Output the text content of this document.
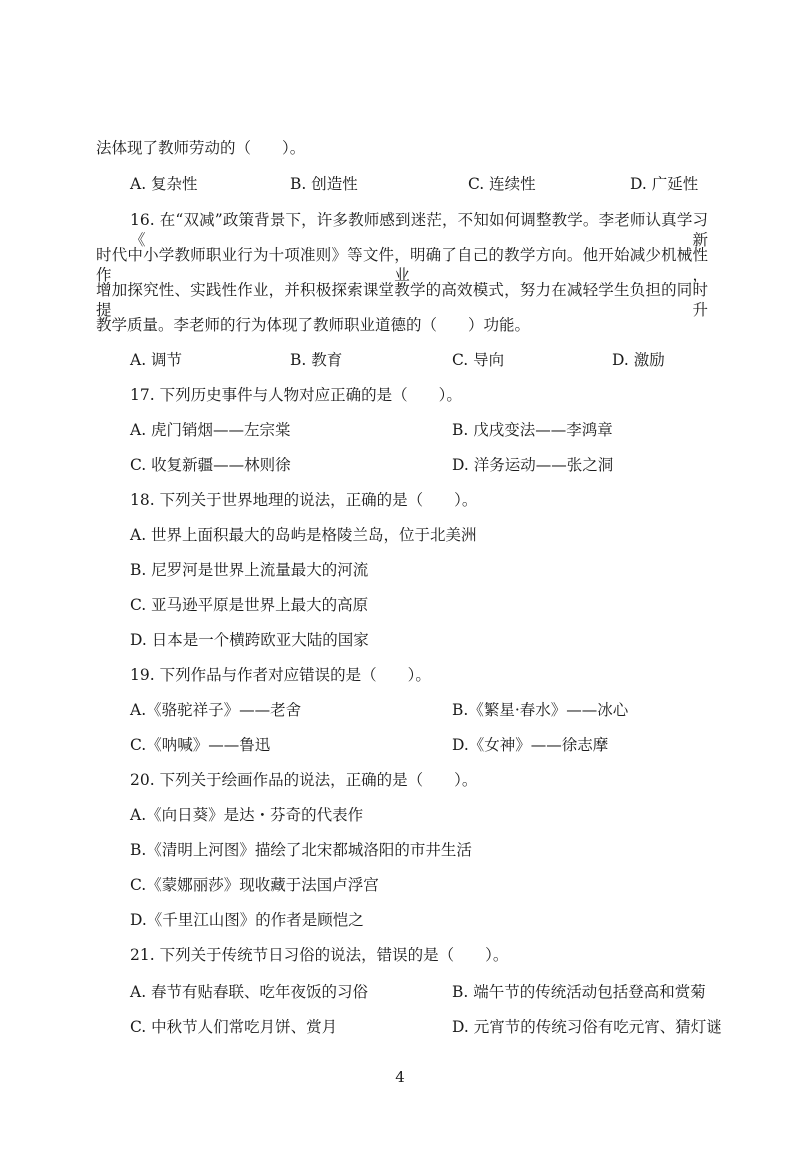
法体现了教师劳动的（　　）。
A. 复杂性	B. 创造性	C. 连续性	D. 广延性
16. 在“双减”政策背景下，许多教师感到迷茫，不知如何调整教学。李老师认真学习《新
时代中小学教师职业行为十项准则》等文件，明确了自己的教学方向。他开始减少机械性作业，
增加探究性、实践性作业，并积极探索课堂教学的高效模式，努力在减轻学生负担的同时提升
教学质量。李老师的行为体现了教师职业道德的（　　）功能。
A. 调节	B. 教育	C. 导向	D. 激励
17. 下列历史事件与人物对应正确的是（　　）。
A. 虎门销烟——左宗棠	B. 戊戌变法——李鸿章
C. 收复新疆——林则徐	D. 洋务运动——张之洞
18. 下列关于世界地理的说法，正确的是（　　）。
A. 世界上面积最大的岛屿是格陵兰岛，位于北美洲
B. 尼罗河是世界上流量最大的河流
C. 亚马逊平原是世界上最大的高原
D. 日本是一个横跨欧亚大陆的国家
19. 下列作品与作者对应错误的是（　　）。
A.《骆驼祥子》——老舍	B.《繁星·春水》——冰心
C.《呐喊》——鲁迅	D.《女神》——徐志摩
20. 下列关于绘画作品的说法，正确的是（　　）。
A.《向日葵》是达・芬奇的代表作
B.《清明上河图》描绘了北宋都城洛阳的市井生活
C.《蒙娜丽莎》现收藏于法国卢浮宫
D.《千里江山图》的作者是顾恺之
21. 下列关于传统节日习俗的说法，错误的是（　　）。
A. 春节有贴春联、吃年夜饭的习俗	B. 端午节的传统活动包括登高和赏菊
C. 中秋节人们常吃月饼、赏月	D. 元宵节的传统习俗有吃元宵、猜灯谜
4
